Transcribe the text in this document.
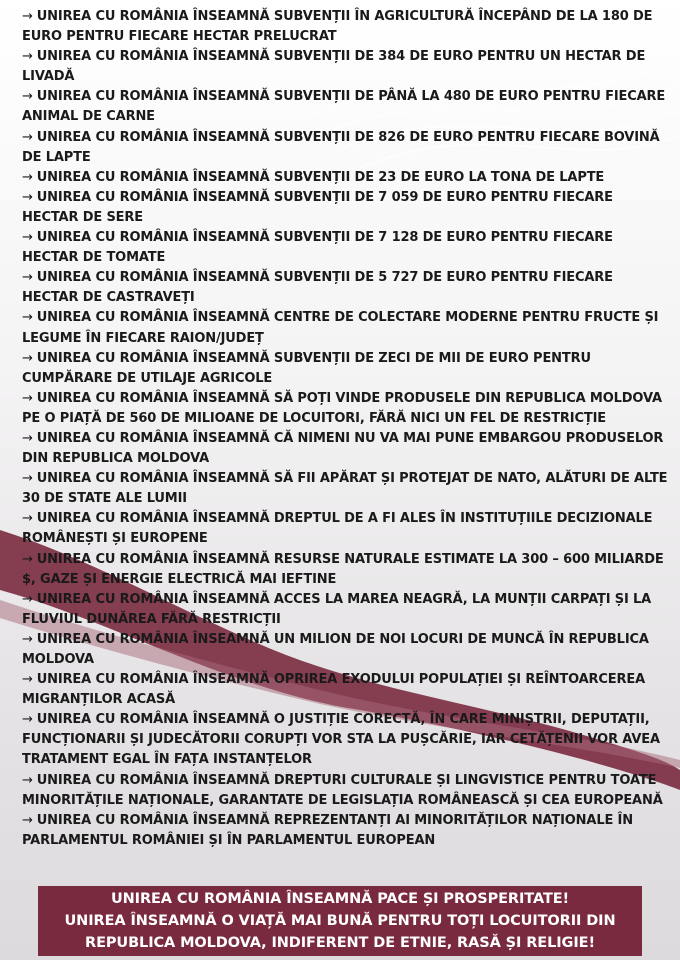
→ UNIREA CU ROMÂNIA ÎNSEAMNĂ SUBVENȚII ÎN AGRICULTURĂ ÎNCEPÂND DE LA 180 DE EURO PENTRU FIECARE HECTAR PRELUCRAT
→ UNIREA CU ROMÂNIA ÎNSEAMNĂ SUBVENȚII DE 384 DE EURO PENTRU UN HECTAR DE LIVADĂ
→ UNIREA CU ROMÂNIA ÎNSEAMNĂ SUBVENȚII DE PÂNĂ LA 480 DE EURO PENTRU FIECARE ANIMAL DE CARNE
→ UNIREA CU ROMÂNIA ÎNSEAMNĂ SUBVENȚII DE 826 DE EURO PENTRU FIECARE BOVINĂ DE LAPTE
→ UNIREA CU ROMÂNIA ÎNSEAMNĂ SUBVENȚII DE 23 DE EURO LA TONA DE LAPTE
→ UNIREA CU ROMÂNIA ÎNSEAMNĂ SUBVENȚII DE 7 059 DE EURO PENTRU FIECARE HECTAR DE SERE
→ UNIREA CU ROMÂNIA ÎNSEAMNĂ SUBVENȚII DE 7 128 DE EURO PENTRU FIECARE HECTAR DE TOMATE
→ UNIREA CU ROMÂNIA ÎNSEAMNĂ SUBVENȚII DE 5 727 DE EURO PENTRU FIECARE HECTAR DE CASTRAVEȚI
→ UNIREA CU ROMÂNIA ÎNSEAMNĂ CENTRE DE COLECTARE MODERNE PENTRU FRUCTE ȘI LEGUME ÎN FIECARE RAION/JUDEȚ
→ UNIREA CU ROMÂNIA ÎNSEAMNĂ SUBVENȚII DE ZECI DE MII DE EURO PENTRU CUMPĂRARE DE UTILAJE AGRICOLE
→ UNIREA CU ROMÂNIA ÎNSEAMNĂ SĂ POȚI VINDE PRODUSELE DIN REPUBLICA MOLDOVA PE O PIAȚĂ DE 560 DE MILIOANE DE LOCUITORI, FĂRĂ NICI UN FEL DE RESTRICȚIE
→ UNIREA CU ROMÂNIA ÎNSEAMNĂ CĂ NIMENI NU VA MAI PUNE EMBARGOU PRODUSELOR DIN REPUBLICA MOLDOVA
→ UNIREA CU ROMÂNIA ÎNSEAMNĂ SĂ FII APĂRAT ȘI PROTEJAT DE NATO, ALĂTURI DE ALTE 30 DE STATE ALE LUMII
→ UNIREA CU ROMÂNIA ÎNSEAMNĂ DREPTUL DE A FI ALES ÎN INSTITUȚIILE DECIZIONALE ROMÂNEȘTI ȘI EUROPENE
→ UNIREA CU ROMÂNIA ÎNSEAMNĂ RESURSE NATURALE ESTIMATE LA 300 – 600 MILIARDE $, GAZE ȘI ENERGIE ELECTRICĂ MAI IEFTINE
→ UNIREA CU ROMÂNIA ÎNSEAMNĂ ACCES LA MAREA NEAGRĂ, LA MUNȚII CARPAȚI ȘI LA FLUVIUL DUNĂREA FĂRĂ RESTRICȚII
→ UNIREA CU ROMÂNIA ÎNSEAMNĂ UN MILION DE NOI LOCURI DE MUNCĂ ÎN REPUBLICA MOLDOVA
→ UNIREA CU ROMÂNIA ÎNSEAMNĂ OPRIREA EXODULUI POPULAȚIEI ȘI REÎNTOARCEREA MIGRANȚILOR ACASĂ
→ UNIREA CU ROMÂNIA ÎNSEAMNĂ O JUSTIȚIE CORECTĂ, ÎN CARE MINIȘTRII, DEPUTAȚII, FUNCȚIONARII ȘI JUDECĂTORII CORUPȚI VOR STA LA PUȘCĂRIE, IAR CETĂȚENII VOR AVEA TRATAMENT EGAL ÎN FAȚA INSTANȚELOR
→ UNIREA CU ROMÂNIA ÎNSEAMNĂ DREPTURI CULTURALE ȘI LINGVISTICE PENTRU TOATE MINORITĂȚILE NAȚIONALE, GARANTATE DE LEGISLAȚIA ROMÂNEASCĂ ȘI CEA EUROPEANĂ
→ UNIREA CU ROMÂNIA ÎNSEAMNĂ REPREZENTANȚI AI MINORITĂȚILOR NAȚIONALE ÎN PARLAMENTUL ROMÂNIEI ȘI ÎN PARLAMENTUL EUROPEAN
UNIREA CU ROMÂNIA ÎNSEAMNĂ PACE ȘI PROSPERITATE!
UNIREA ÎNSEAMNĂ O VIAȚĂ MAI BUNĂ PENTRU TOȚI LOCUITORII DIN
REPUBLICA MOLDOVA, INDIFERENT DE ETNIE, RASĂ ȘI RELIGIE!
